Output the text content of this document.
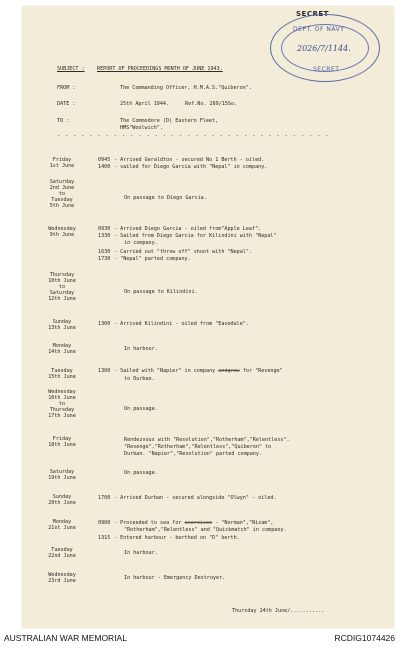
SECRET
DEPT. OF NAVY
2026/7/1144.
SECRET
SUBJECT : REPORT OF PROCEEDINGS MONTH OF JUNE 1943.
FROM :	The Commanding Officer, H.M.A.S."Quiberon".
DATE :	25th April 1944.	Ref.No. 269/15So.
TO :	The Commodore (D) Eastern Fleet,
HMS"Woolwich".
- - - - - - - - - - - - - - - - - - - - - - - - - - - - - - - - - -
Friday
1st June
0945 - Arrived Geraldton - secured No 1 Berth - oiled.
1400 - sailed for Diego Garcia with "Nepal" in company.
Saturday
2nd June
to
Tuesday
5th June
On passage to Diego Garcia.
Wednesday
9th June
0930 - Arrived Diego Garcia - oiled from"Apple Leaf".
1330 - Sailed from Diego Garcia for Kilindini with "Nepal"
in company.
1630 - Carried out "throw off" shoot with "Nepal".
1730 - "Nepal" parted company.
Thursday
10th June
to
Saturday
12th June
On passage to Kilindini.
Sunday
13th June
1300 - Arrived Kilindini - oiled from "Easedale".
Monday
14th June	In harbour.
Tuesday
15th June
1300 - Sailed with "Napier" in company andgrew for "Revenge"
to Durban.
Wednesday
16th June
to
Thursday
17th June
On passage.
Friday
18th June
Rendezvous with "Resolution","Rotherham","Relentless".
"Revenge","Rotherham","Relentless","Quiberon" to
Durban. "Napier","Resolution" parted company.
Saturday
19th June
On passage.
Sunday
20th June
1700 - Arrived Durban - secured alongside "Olwyn" - oiled.
Monday
21st June
0900 - Proceeded to sea for exercises - "Norman","Nizam",
"Rotherham","Relentless" and "Quickmatch" in company.
1315 - Entered harbour - berthed on "D" berth.
Tuesday
22nd June	In harbour.
Wednesday
23rd June	In harbour - Emergency Destroyer.
Thursday 24th June/...........
AUSTRALIAN WAR MEMORIAL	RCDIG1074426
